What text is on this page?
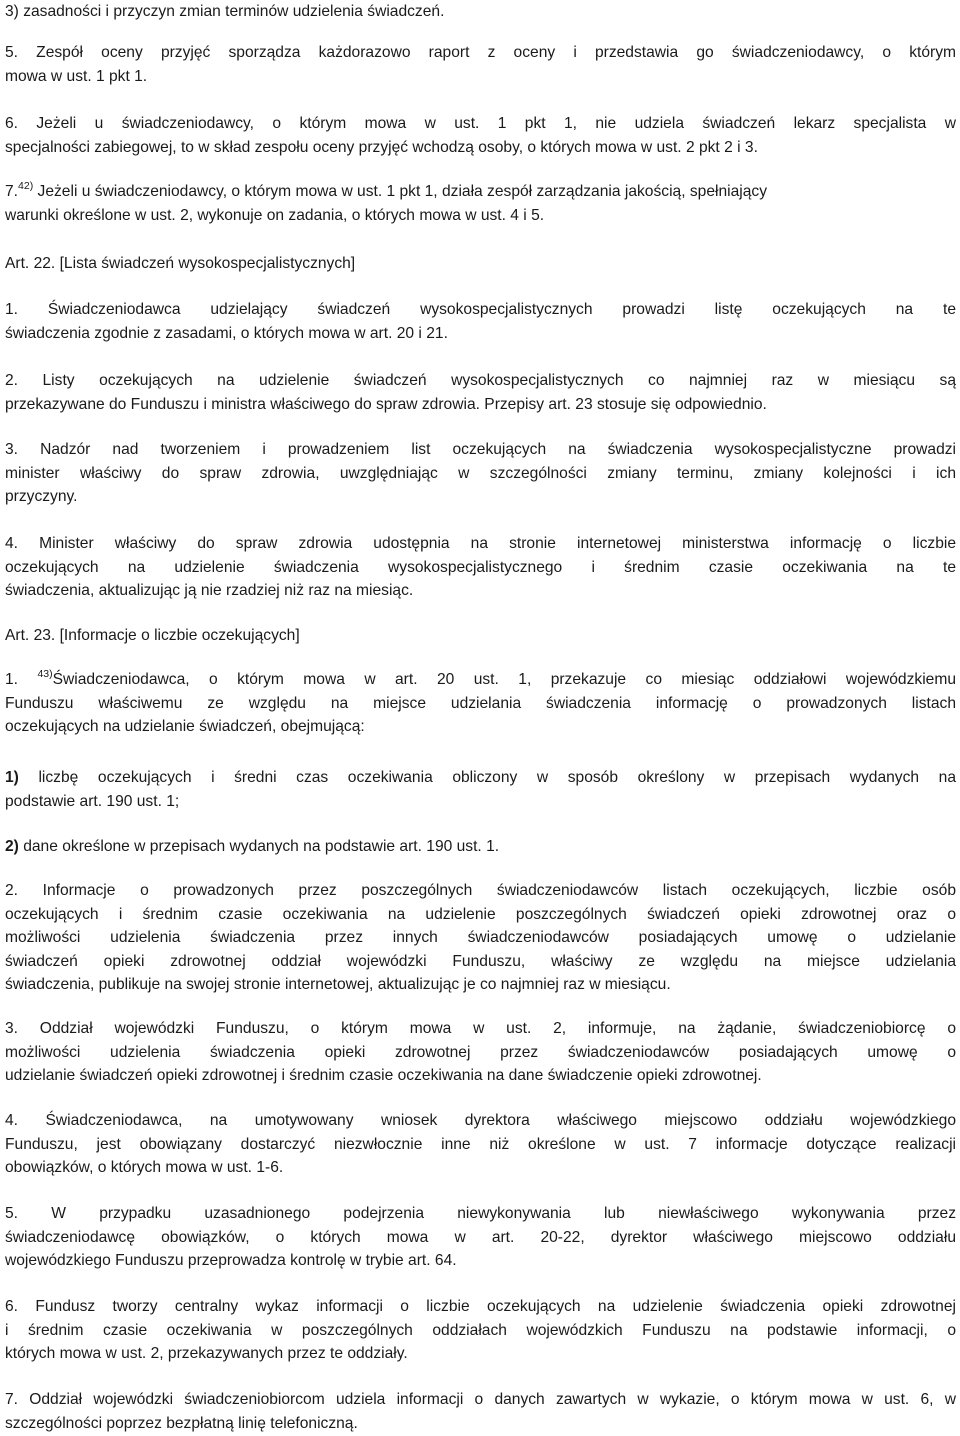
3) zasadności i przyczyn zmian terminów udzielenia świadczeń.

5. Zespół oceny przyjęć sporządza każdorazowo raport z oceny i przedstawia go świadczeniodawcy, o którym
mowa w ust. 1 pkt 1.

6. Jeżeli u świadczeniodawcy, o którym mowa w ust. 1 pkt 1, nie udziela świadczeń lekarz specjalista w
specjalności zabiegowej, to w skład zespołu oceny przyjęć wchodzą osoby, o których mowa w ust. 2 pkt 2 i 3.

7.$^{42)}$ Jeżeli u świadczeniodawcy, o którym mowa w ust. 1 pkt 1, działa zespół zarządzania jakością, spełniający
warunki określone w ust. 2, wykonuje on zadania, o których mowa w ust. 4 i 5.

Art. 22. [Lista świadczeń wysokospecjalistycznych]

1. Świadczeniodawca udzielający świadczeń wysokospecjalistycznych prowadzi listę oczekujących na te
świadczenia zgodnie z zasadami, o których mowa w art. 20 i 21.

2. Listy oczekujących na udzielenie świadczeń wysokospecjalistycznych co najmniej raz w miesiącu są
przekazywane do Funduszu i ministra właściwego do spraw zdrowia. Przepisy art. 23 stosuje się odpowiednio.

3. Nadzór nad tworzeniem i prowadzeniem list oczekujących na świadczenia wysokospecjalistyczne prowadzi
minister właściwy do spraw zdrowia, uwzględniając w szczególności zmiany terminu, zmiany kolejności i ich
przyczyny.

4. Minister właściwy do spraw zdrowia udostępnia na stronie internetowej ministerstwa informację o liczbie
oczekujących na udzielenie świadczenia wysokospecjalistycznego i średnim czasie oczekiwania na te
świadczenia, aktualizując ją nie rzadziej niż raz na miesiąc.

Art. 23. [Informacje o liczbie oczekujących]

1. $^{43)}$Świadczeniodawca, o którym mowa w art. 20 ust. 1, przekazuje co miesiąc oddziałowi wojewódzkiemu
Funduszu właściwemu ze względu na miejsce udzielania świadczenia informację o prowadzonych listach
oczekujących na udzielanie świadczeń, obejmującą:

1) liczbę oczekujących i średni czas oczekiwania obliczony w sposób określony w przepisach wydanych na
podstawie art. 190 ust. 1;

2) dane określone w przepisach wydanych na podstawie art. 190 ust. 1.

2. Informacje o prowadzonych przez poszczególnych świadczeniodawców listach oczekujących, liczbie osób
oczekujących i średnim czasie oczekiwania na udzielenie poszczególnych świadczeń opieki zdrowotnej oraz o
możliwości udzielenia świadczenia przez innych świadczeniodawców posiadających umowę o udzielanie
świadczeń opieki zdrowotnej oddział wojewódzki Funduszu, właściwy ze względu na miejsce udzielania
świadczenia, publikuje na swojej stronie internetowej, aktualizując je co najmniej raz w miesiącu.

3. Oddział wojewódzki Funduszu, o którym mowa w ust. 2, informuje, na żądanie, świadczeniobiorcę o
możliwości udzielenia świadczenia opieki zdrowotnej przez świadczeniodawców posiadających umowę o
udzielanie świadczeń opieki zdrowotnej i średnim czasie oczekiwania na dane świadczenie opieki zdrowotnej.

4. Świadczeniodawca, na umotywowany wniosek dyrektora właściwego miejscowo oddziału wojewódzkiego
Funduszu, jest obowiązany dostarczyć niezwłocznie inne niż określone w ust. 7 informacje dotyczące realizacji
obowiązków, o których mowa w ust. 1-6.

5. W przypadku uzasadnionego podejrzenia niewykonywania lub niewłaściwego wykonywania przez
świadczeniodawcę obowiązków, o których mowa w art. 20-22, dyrektor właściwego miejscowo oddziału
wojewódzkiego Funduszu przeprowadza kontrolę w trybie art. 64.

6. Fundusz tworzy centralny wykaz informacji o liczbie oczekujących na udzielenie świadczenia opieki zdrowotnej
i średnim czasie oczekiwania w poszczególnych oddziałach wojewódzkich Funduszu na podstawie informacji, o
których mowa w ust. 2, przekazywanych przez te oddziały.

7. Oddział wojewódzki świadczeniobiorcom udziela informacji o danych zawartych w wykazie, o którym mowa w ust. 6, w
szczególności poprzez bezpłatną linię telefoniczną.
